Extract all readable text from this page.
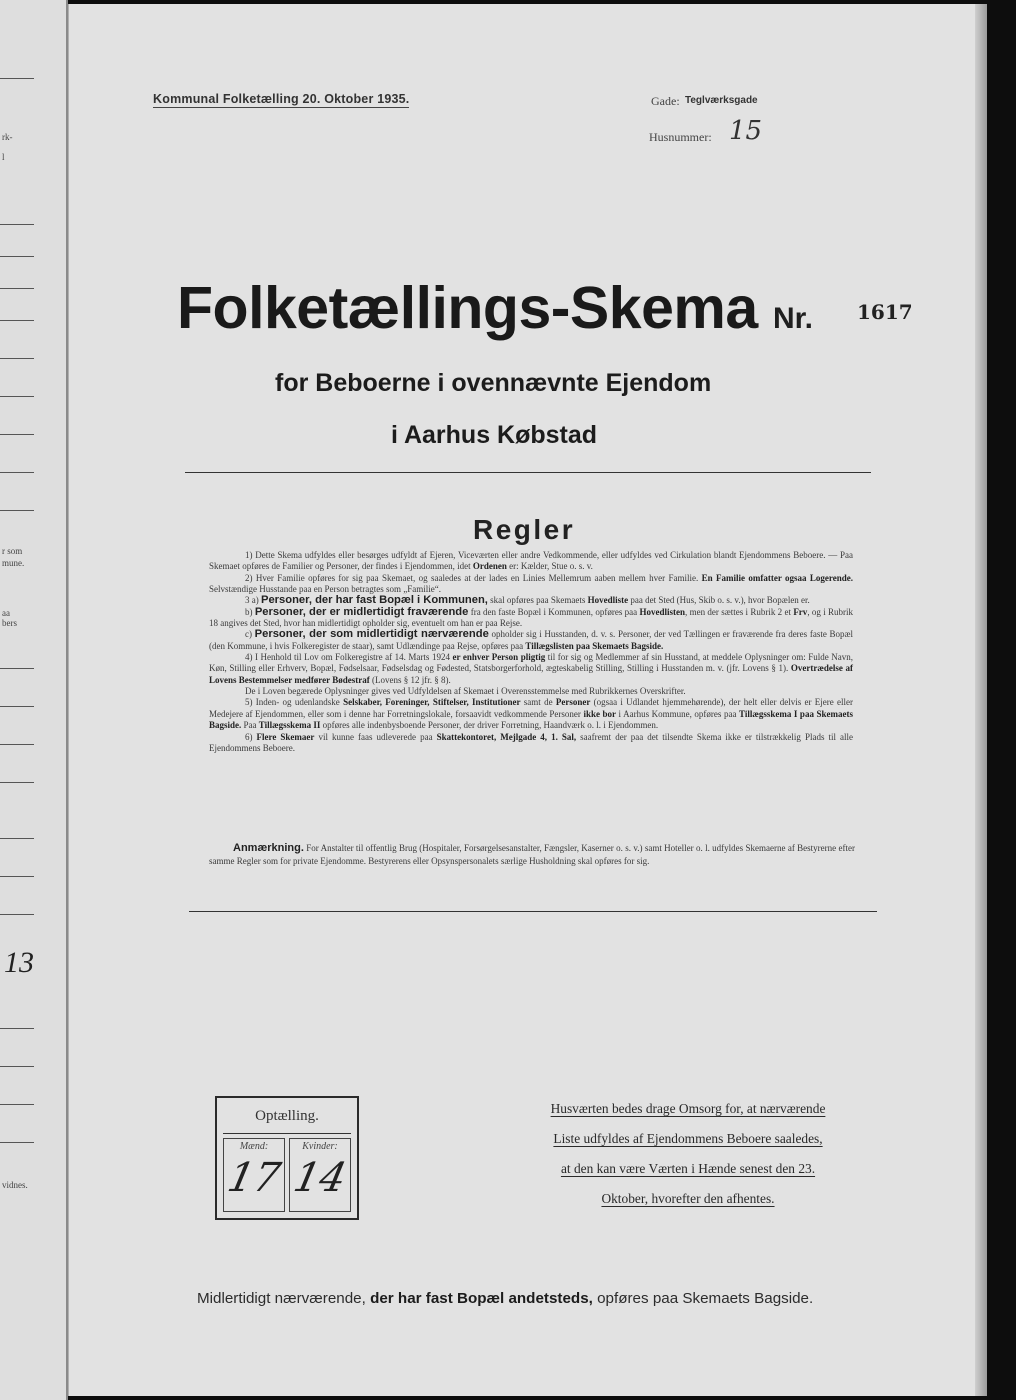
rk-
l
r som
mune.
aa
bers
13
vidnes.
Kommunal Folketælling 20. Oktober 1935.	Gade: Teglværksgade
Husnummer: 15
Folketællings-Skema Nr. 1617
for Beboerne i ovennævnte Ejendom
i Aarhus Købstad
Regler

1) Dette Skema udfyldes eller besørges udfyldt af Ejeren, Viceværten eller andre Vedkommende, eller udfyldes ved Cirkulation blandt Ejendommens Beboere. — Paa Skemaet opføres de Familier og Personer, der findes i Ejendommen, idet Ordenen er: Kælder, Stue o. s. v.

2) Hver Familie opføres for sig paa Skemaet, og saaledes at der lades en Linies Mellemrum aaben mellem hver Familie. En Familie omfatter ogsaa Logerende. Selvstændige Husstande paa en Person betragtes som „Familie“.

3 a) Personer, der har fast Bopæl i Kommunen, skal opføres paa Skemaets Hovedliste paa det Sted (Hus, Skib o. s. v.), hvor Bopælen er.

b) Personer, der er midlertidigt fraværende fra den faste Bopæl i Kommunen, opføres paa Hovedlisten, men der sættes i Rubrik 2 et Frv, og i Rubrik 18 angives det Sted, hvor han midlertidigt opholder sig, eventuelt om han er paa Rejse.

c) Personer, der som midlertidigt nærværende opholder sig i Husstanden, d. v. s. Personer, der ved Tællingen er fraværende fra deres faste Bopæl (den Kommune, i hvis Folkeregister de staar), samt Udlændinge paa Rejse, opføres paa Tillægslisten paa Skemaets Bagside.

4) I Henhold til Lov om Folkeregistre af 14. Marts 1924 er enhver Person pligtig til for sig og Medlemmer af sin Husstand, at meddele Oplysninger om: Fulde Navn, Køn, Stilling eller Erhverv, Bopæl, Fødselsaar, Fødselsdag og Fødested, Statsborgerforhold, ægteskabelig Stilling, Stilling i Husstanden m. v. (jfr. Lovens § 1). Overtrædelse af Lovens Bestemmelser medfører Bødestraf (Lovens § 12 jfr. § 8).

De i Loven begærede Oplysninger gives ved Udfyldelsen af Skemaet i Overensstemmelse med Rubrikkernes Overskrifter.

5) Inden- og udenlandske Selskaber, Foreninger, Stiftelser, Institutioner samt de Personer (ogsaa i Udlandet hjemmehørende), der helt eller delvis er Ejere eller Medejere af Ejendommen, eller som i denne har Forretningslokale, forsaavidt vedkommende Personer ikke bor i Aarhus Kommune, opføres paa Tillægsskema I paa Skemaets Bagside. Paa Tillægsskema II opføres alle indenbysboende Personer, der driver Forretning, Haandværk o. l. i Ejendommen.

6) Flere Skemaer vil kunne faas udleverede paa Skattekontoret, Mejlgade 4, 1. Sal, saafremt der paa det tilsendte Skema ikke er tilstrækkelig Plads til alle Ejendommens Beboere.

Anmærkning. For Anstalter til offentlig Brug (Hospitaler, Forsørgelsesanstalter, Fængsler, Kaserner o. s. v.) samt Hoteller o. l. udfyldes Skemaerne af Bestyrerne efter samme Regler som for private Ejendomme. Bestyrerens eller Opsynspersonalets særlige Husholdning skal opføres for sig.

Optælling.
Mænd:
17
Kvinder:
14
Husværten bedes drage Omsorg for, at nærværende
Liste udfyldes af Ejendommens Beboere saaledes,
at den kan være Værten i Hænde senest den 23.
Oktober, hvorefter den afhentes.
Midlertidigt nærværende, der har fast Bopæl andetsteds, opføres paa Skemaets Bagside.
